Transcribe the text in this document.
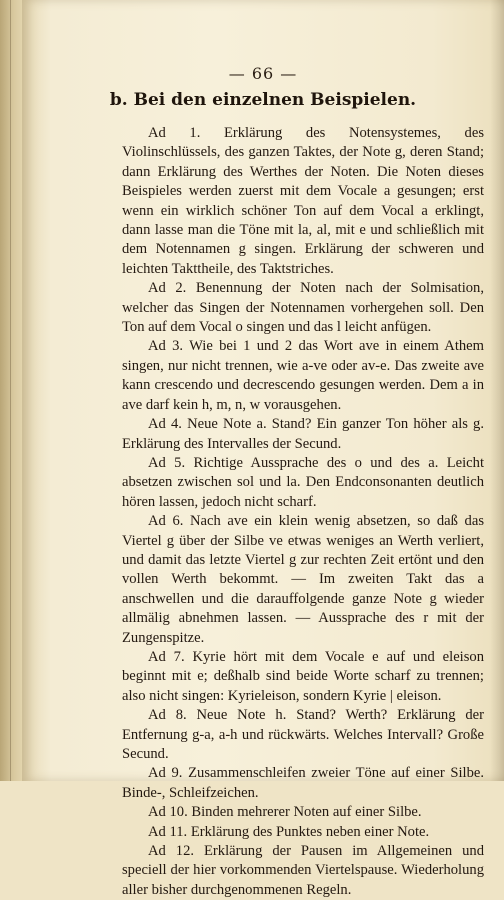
— 66 —
b. Bei den einzelnen Beispielen.

Ad 1. Erklärung des Notensystemes, des Violinschlüssels, des ganzen Taktes, der Note g, deren Stand; dann Erklärung des Werthes der Noten. Die Noten dieses Beispieles werden zuerst mit dem Vocale a gesungen; erst wenn ein wirklich schöner Ton auf dem Vocal a erklingt, dann lasse man die Töne mit la, al, mit e und schließlich mit dem Notennamen g singen. Erklärung der schweren und leichten Takttheile, des Taktstriches.

Ad 2. Benennung der Noten nach der Solmisation, welcher das Singen der Notennamen vorhergehen soll. Den Ton auf dem Vocal o singen und das l leicht anfügen.

Ad 3. Wie bei 1 und 2 das Wort ave in einem Athem singen, nur nicht trennen, wie a-ve oder av-e. Das zweite ave kann crescendo und decrescendo gesungen werden. Dem a in ave darf kein h, m, n, w vorausgehen.

Ad 4. Neue Note a. Stand? Ein ganzer Ton höher als g. Erklärung des Intervalles der Secund.

Ad 5. Richtige Aussprache des o und des a. Leicht absetzen zwischen sol und la. Den Endconsonanten deutlich hören lassen, jedoch nicht scharf.

Ad 6. Nach ave ein klein wenig absetzen, so daß das Viertel g über der Silbe ve etwas weniges an Werth verliert, und damit das letzte Viertel g zur rechten Zeit ertönt und den vollen Werth bekommt. — Im zweiten Takt das a anschwellen und die darauffolgende ganze Note g wieder allmälig abnehmen lassen. — Aussprache des r mit der Zungenspitze.

Ad 7. Kyrie hört mit dem Vocale e auf und eleison beginnt mit e; deßhalb sind beide Worte scharf zu trennen; also nicht singen: Kyrieleison, sondern Kyrie | eleison.

Ad 8. Neue Note h. Stand? Werth? Erklärung der Entfernung g-a, a-h und rückwärts. Welches Intervall? Große Secund.

Ad 9. Zusammenschleifen zweier Töne auf einer Silbe. Binde-, Schleifzeichen.

Ad 10. Binden mehrerer Noten auf einer Silbe.

Ad 11. Erklärung des Punktes neben einer Note.

Ad 12. Erklärung der Pausen im Allgemeinen und speciell der hier vorkommenden Viertelspause. Wiederholung aller bisher durchgenommenen Regeln.
